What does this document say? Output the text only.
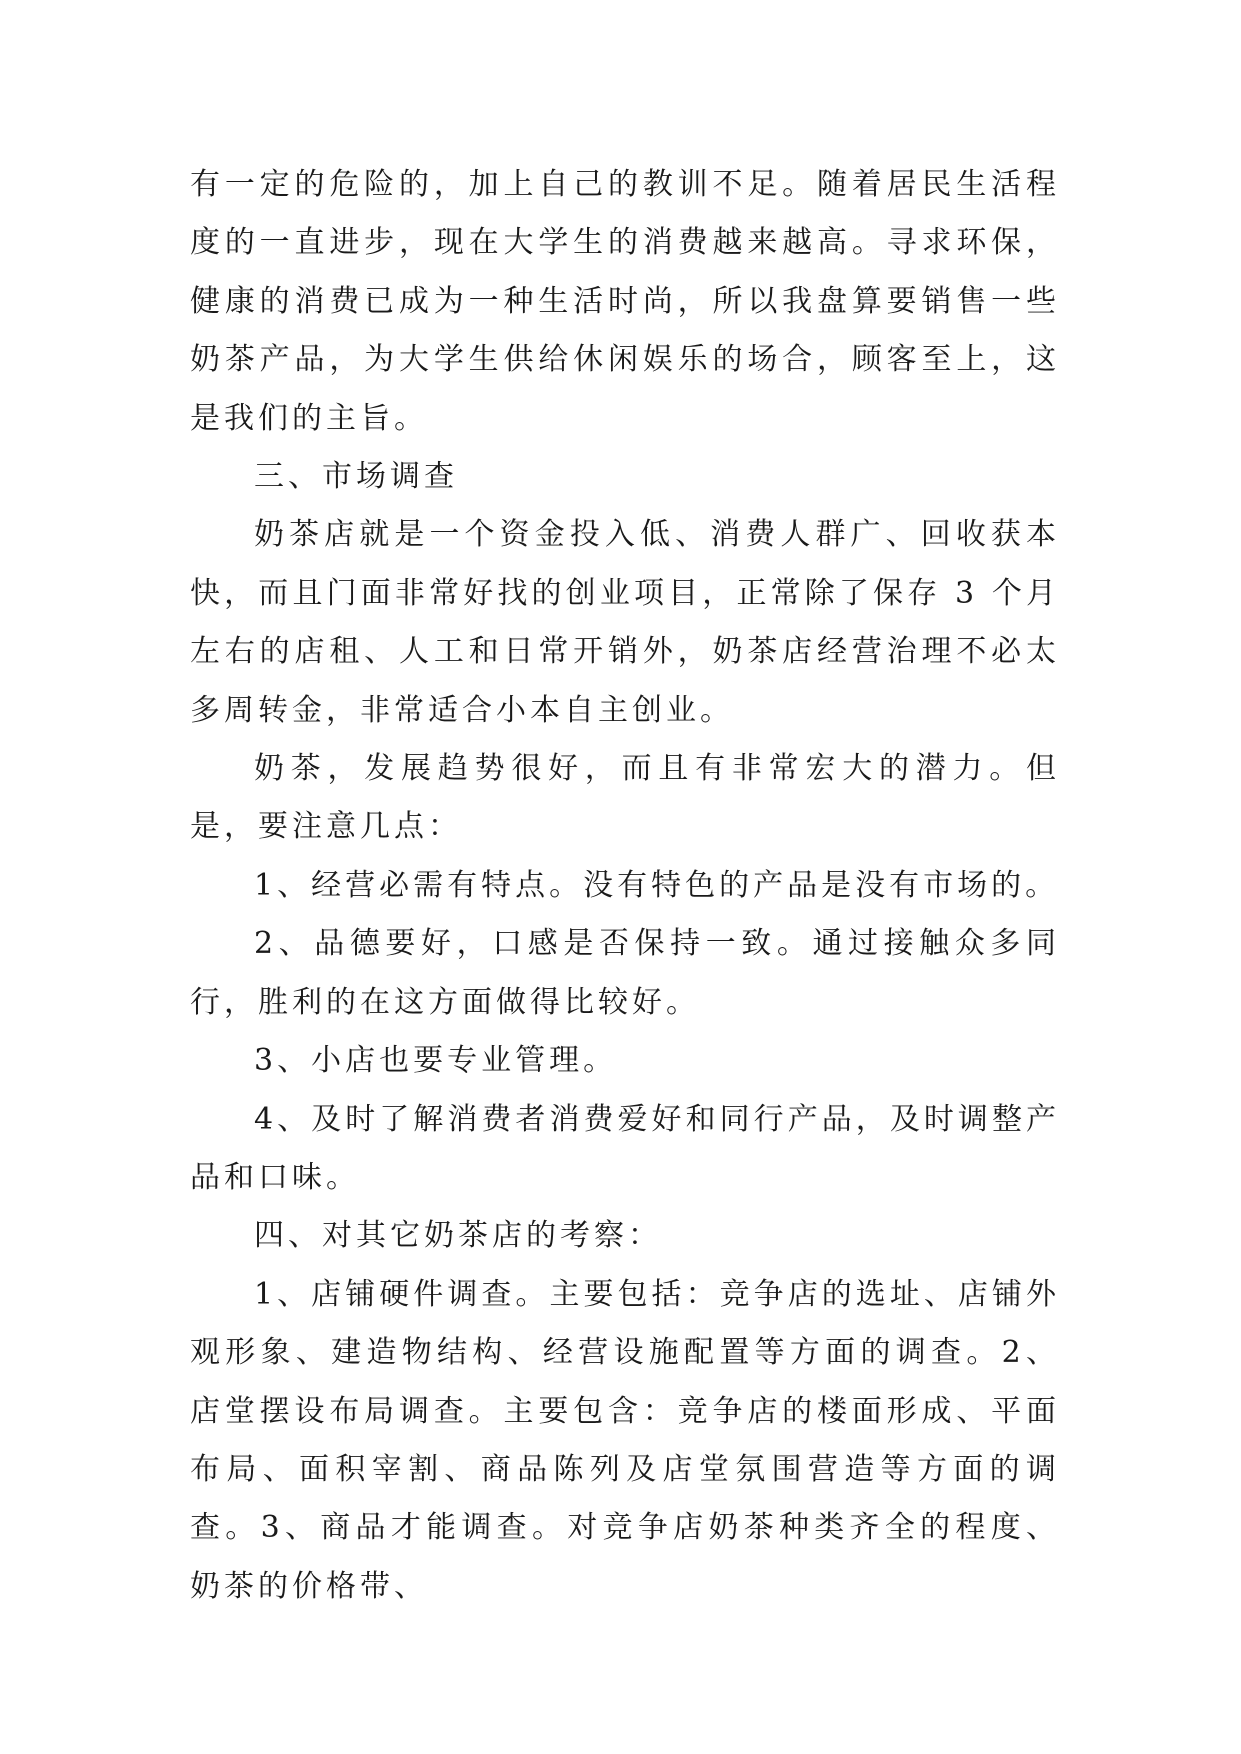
有一定的危险的，加上自己的教训不足。随着居民生活程度的一直进步，现在大学生的消费越来越高。寻求环保，健康的消费已成为一种生活时尚，所以我盘算要销售一些奶茶产品，为大学生供给休闲娱乐的场合，顾客至上，这是我们的主旨。

三、市场调查

奶茶店就是一个资金投入低、消费人群广、回收获本快，而且门面非常好找的创业项目，正常除了保存 3 个月左右的店租、人工和日常开销外，奶茶店经营治理不必太多周转金，非常适合小本自主创业。

奶茶，发展趋势很好，而且有非常宏大的潜力。但是，要注意几点：

1、经营必需有特点。没有特色的产品是没有市场的。

2、品德要好，口感是否保持一致。通过接触众多同行，胜利的在这方面做得比较好。

3、小店也要专业管理。

4、及时了解消费者消费爱好和同行产品，及时调整产品和口味。

四、对其它奶茶店的考察：

1、店铺硬件调查。主要包括：竞争店的选址、店铺外观形象、建造物结构、经营设施配置等方面的调查。2、店堂摆设布局调查。主要包含：竞争店的楼面形成、平面布局、面积宰割、商品陈列及店堂氛围营造等方面的调查。3、商品才能调查。对竞争店奶茶种类齐全的程度、奶茶的价格带、
